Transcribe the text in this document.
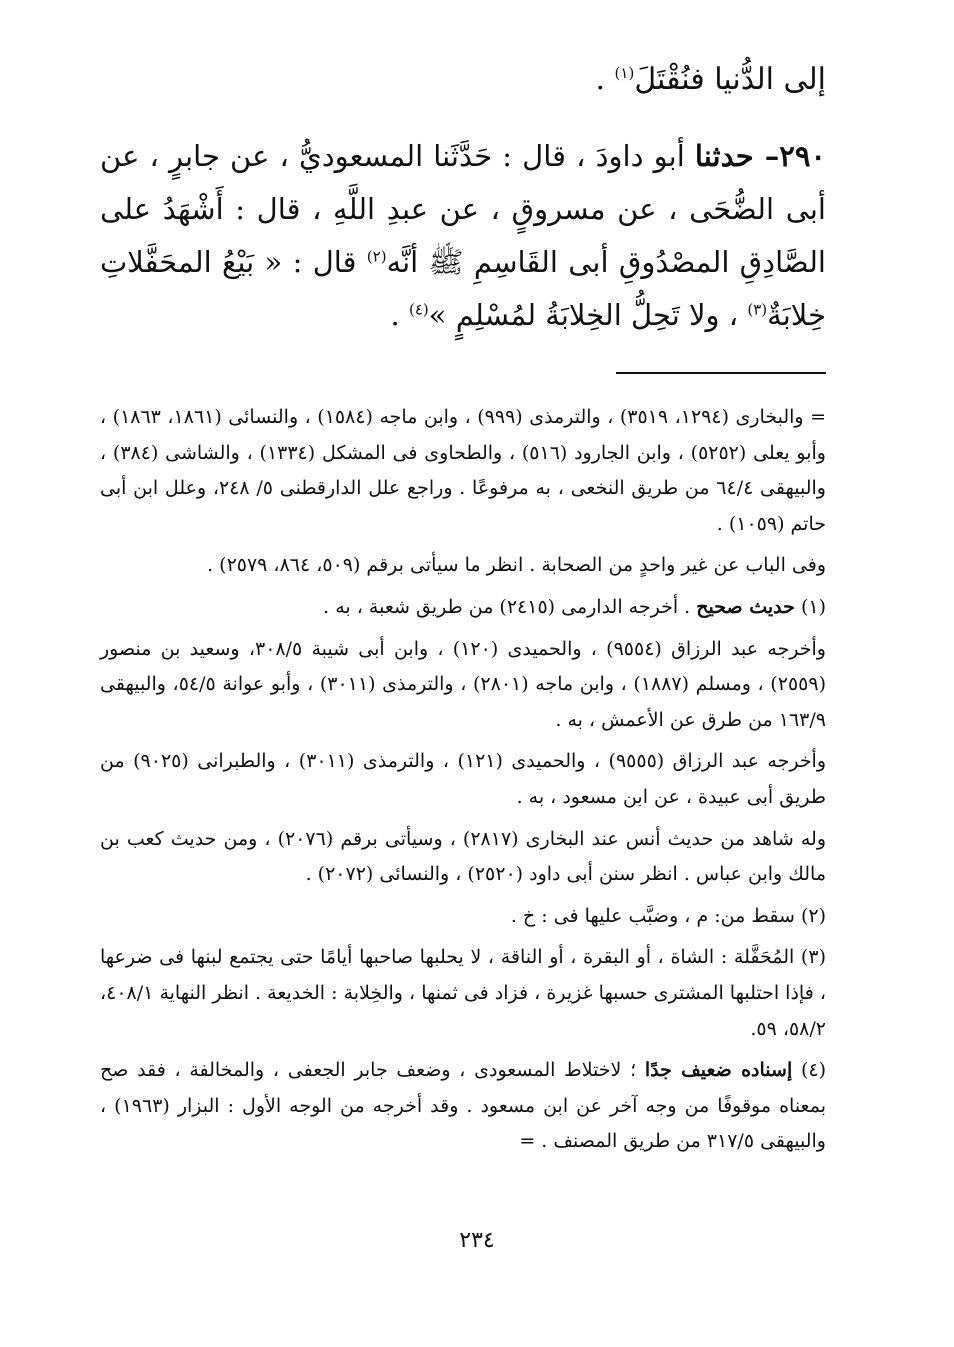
إلى الدُّنيا فنُقْتَلَ$^{(١)}$ .
٢٩٠– حدثنا أبو داودَ ، قال : حَدَّثَنا المسعوديُّ ، عن جابرٍ ، عن أبى الضُّحَى ، عن مسروقٍ ، عن عبدِ اللَّهِ ، قال : أَشْهَدُ على الصَّادِقِ المصْدُوقِ أبى القَاسِمِ ﷺ أنَّه$^{(٢)}$ قال : « بَيْعُ المحَفَّلاتِ خِلابَةٌ$^{(٣)}$ ، ولا تَحِلُّ الخِلابَةُ لمُسْلِمٍ »$^{(٤)}$ .

= والبخارى (١٢٩٤، ٣٥١٩) ، والترمذى (٩٩٩) ، وابن ماجه (١٥٨٤) ، والنسائى (١٨٦١، ١٨٦٣) ، وأبو يعلى (٥٢٥٢) ، وابن الجارود (٥١٦) ، والطحاوى فى المشكل (١٣٣٤) ، والشاشى (٣٨٤) ، والبيهقى ٦٤/٤ من طريق النخعى ، به مرفوعًا . وراجع علل الدارقطنى ٥/ ٢٤٨، وعلل ابن أبى حاتم (١٠٥٩) .

وفى الباب عن غير واحدٍ من الصحابة . انظر ما سيأتى برقم (٥٠٩، ٨٦٤، ٢٥٧٩) .

(١) حديث صحيح . أخرجه الدارمى (٢٤١٥) من طريق شعبة ، به .

وأخرجه عبد الرزاق (٩٥٥٤) ، والحميدى (١٢٠) ، وابن أبى شيبة ٣٠٨/٥، وسعيد بن منصور (٢٥٥٩) ، ومسلم (١٨٨٧) ، وابن ماجه (٢٨٠١) ، والترمذى (٣٠١١) ، وأبو عوانة ٥٤/٥، والبيهقى ١٦٣/٩ من طرق عن الأعمش ، به .

وأخرجه عبد الرزاق (٩٥٥٥) ، والحميدى (١٢١) ، والترمذى (٣٠١١) ، والطبرانى (٩٠٢٥) من طريق أبى عبيدة ، عن ابن مسعود ، به .

وله شاهد من حديث أنس عند البخارى (٢٨١٧) ، وسيأتى برقم (٢٠٧٦) ، ومن حديث كعب بن مالك وابن عباس . انظر سنن أبى داود (٢٥٢٠) ، والنسائى (٢٠٧٢) .

(٢) سقط من: م ، وضبَّب عليها فى : خ .

(٣) المُحَفَّلة : الشاة ، أو البقرة ، أو الناقة ، لا يحلبها صاحبها أيامًا حتى يجتمع لبنها فى ضرعها ، فإذا احتلبها المشترى حسبها غزيرة ، فزاد فى ثمنها ، والخِلابة : الخديعة . انظر النهاية ٤٠٨/١، ٥٨/٢، ٥٩.

(٤) إسناده ضعيف جدًا ؛ لاختلاط المسعودى ، وضعف جابر الجعفى ، والمخالفة ، فقد صح بمعناه موقوفًا من وجه آخر عن ابن مسعود . وقد أخرجه من الوجه الأول : البزار (١٩٦٣) ، والبيهقى ٣١٧/٥ من طريق المصنف . =

٢٣٤
